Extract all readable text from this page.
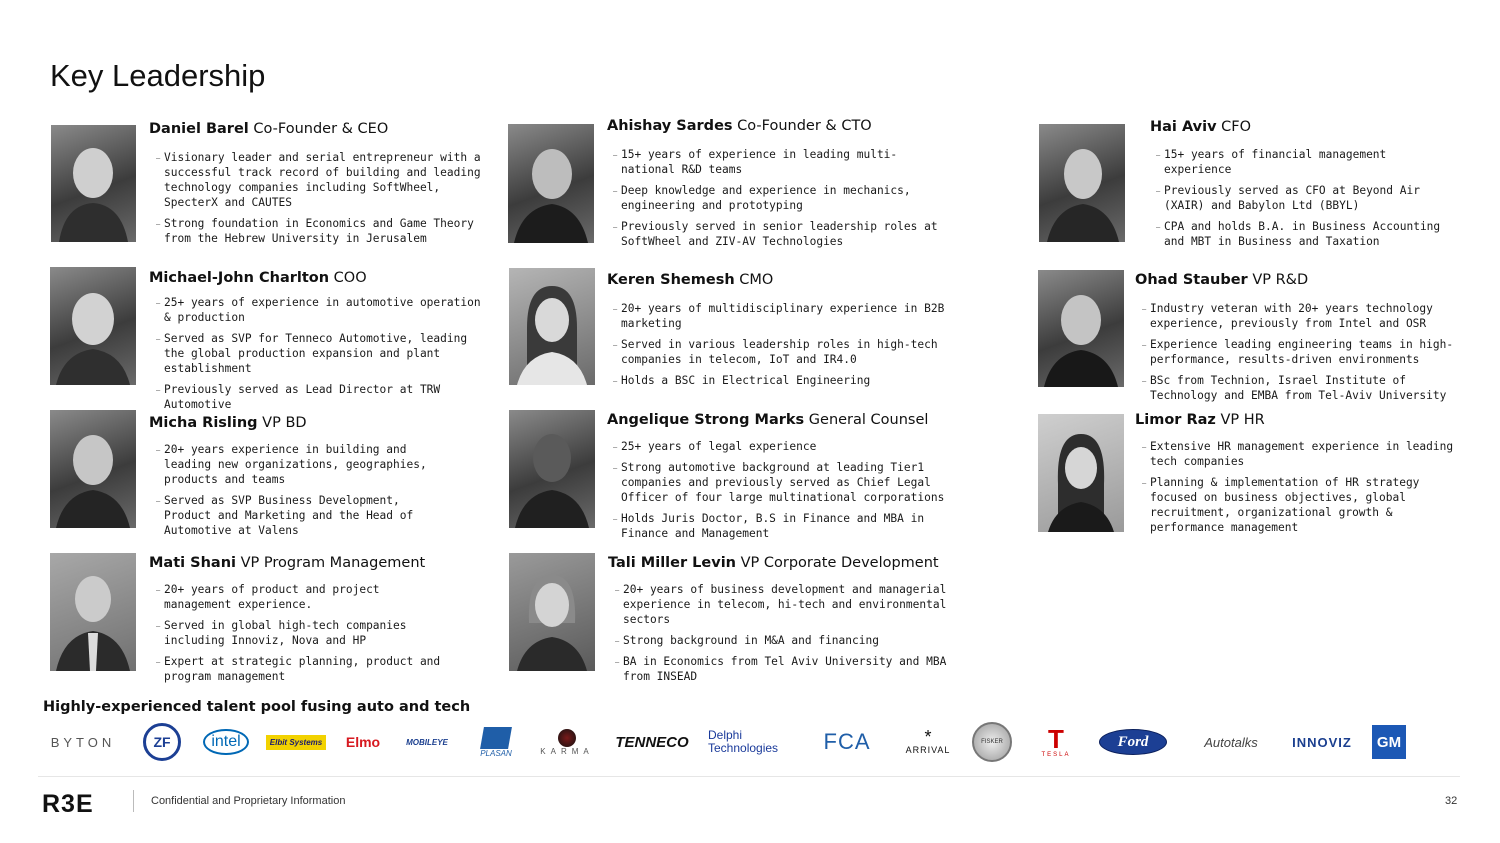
Key Leadership
Daniel Barel Co-Founder & CEO
– Visionary leader and serial entrepreneur with a successful track record of building and leading technology companies including SoftWheel, SpecterX and CAUTES
– Strong foundation in Economics and Game Theory from the Hebrew University in Jerusalem
Ahishay Sardes Co-Founder & CTO
– 15+ years of experience in leading multi-national R&D teams
– Deep knowledge and experience in mechanics, engineering and prototyping
– Previously served in senior leadership roles at SoftWheel and ZIV-AV Technologies
Hai Aviv CFO
– 15+ years of financial management experience
– Previously served as CFO at Beyond Air (XAIR) and Babylon Ltd (BBYL)
– CPA and holds B.A. in Business Accounting and MBT in Business and Taxation
Michael-John Charlton COO
– 25+ years of experience in automotive operation & production
– Served as SVP for Tenneco Automotive, leading the global production expansion and plant establishment
– Previously served as Lead Director at TRW Automotive
Keren Shemesh CMO
– 20+ years of multidisciplinary experience in B2B marketing
– Served in various leadership roles in high-tech companies in telecom, IoT and IR4.0
– Holds a BSC in Electrical Engineering
Ohad Stauber VP R&D
– Industry veteran with 20+ years technology experience, previously from Intel and OSR
– Experience leading engineering teams in high-performance, results-driven environments
– BSc from Technion, Israel Institute of Technology and EMBA from Tel-Aviv University
Micha Risling VP BD
– 20+ years experience in building and leading new organizations, geographies, products and teams
– Served as SVP Business Development, Product and Marketing and the Head of Automotive at Valens
Angelique Strong Marks General Counsel
– 25+ years of legal experience
– Strong automotive background at leading Tier1 companies and previously served as Chief Legal Officer of four large multinational corporations
– Holds Juris Doctor, B.S in Finance and MBA in Finance and Management
Limor Raz VP HR
– Extensive HR management experience in leading tech companies
– Planning & implementation of HR strategy focused on business objectives, global recruitment, organizational growth & performance management
Mati Shani VP Program Management
– 20+ years of product and project management experience.
– Served in global high-tech companies including Innoviz, Nova and HP
– Expert at strategic planning, product and program management
Tali Miller Levin VP Corporate Development
– 20+ years of business development and managerial experience in telecom, hi-tech and environmental sectors
– Strong background in M&A and financing
– BA in Economics from Tel Aviv University and MBA from INSEAD
Highly-experienced talent pool fusing auto and tech
BYTON	ZF	intel	Elbit Systems Elmo	MOBILEYE
PLASAN	KARMA
TENNECO Delphi Technologies	FCA	*
ARRIVAL
FISKER	T
TESLA
Ford	Autotalks	INNOVIZ	GM
R3E	Confidential and Proprietary Information	32
